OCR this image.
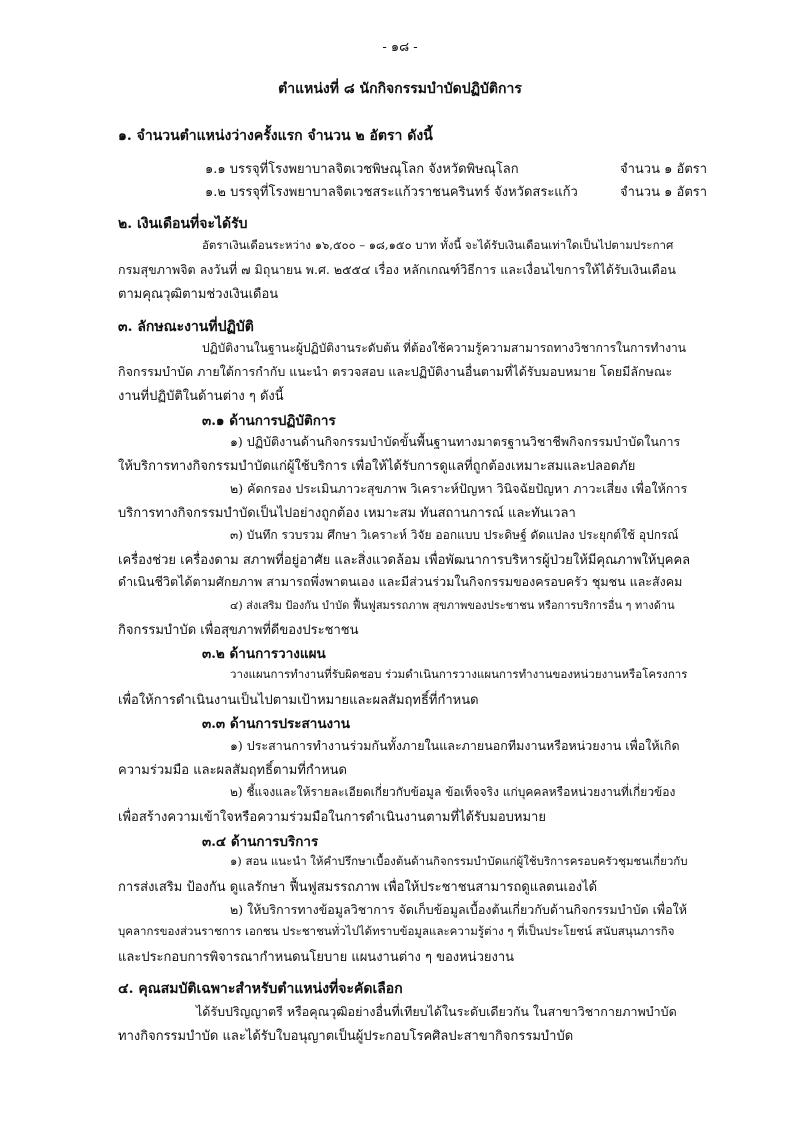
- ๑๘ -
ตำแหน่งที่ ๘ นักกิจกรรมบำบัดปฏิบัติการ
๑. จำนวนตำแหน่งว่างครั้งแรก จำนวน ๒ อัตรา ดังนี้
๑.๑ บรรจุที่โรงพยาบาลจิตเวชพิษณุโลก จังหวัดพิษณุโลก	จำนวน ๑ อัตรา
๑.๒ บรรจุที่โรงพยาบาลจิตเวชสระแก้วราชนครินทร์ จังหวัดสระแก้ว	จำนวน ๑ อัตรา
๒. เงินเดือนที่จะได้รับ
อัตราเงินเดือนระหว่าง ๑๖,๕๐๐ – ๑๘,๑๕๐ บาท ทั้งนี้ จะได้รับเงินเดือนเท่าใดเป็นไปตามประกาศ
กรมสุขภาพจิต ลงวันที่ ๗ มิถุนายน พ.ศ. ๒๕๕๔ เรื่อง หลักเกณฑ์วิธีการ และเงื่อนไขการให้ได้รับเงินเดือน
ตามคุณวุฒิตามช่วงเงินเดือน
๓. ลักษณะงานที่ปฏิบัติ
ปฏิบัติงานในฐานะผู้ปฏิบัติงานระดับต้น ที่ต้องใช้ความรู้ความสามารถทางวิชาการในการทำงาน
กิจกรรมบำบัด ภายใต้การกำกับ แนะนำ ตรวจสอบ และปฏิบัติงานอื่นตามที่ได้รับมอบหมาย โดยมีลักษณะ
งานที่ปฏิบัติในด้านต่าง ๆ ดังนี้
๓.๑ ด้านการปฏิบัติการ
๑) ปฏิบัติงานด้านกิจกรรมบำบัดขั้นพื้นฐานทางมาตรฐานวิชาชีพกิจกรรมบำบัดในการ
ให้บริการทางกิจกรรมบำบัดแก่ผู้ใช้บริการ เพื่อให้ได้รับการดูแลที่ถูกต้องเหมาะสมและปลอดภัย
๒) คัดกรอง ประเมินภาวะสุขภาพ วิเคราะห์ปัญหา วินิจฉัยปัญหา ภาวะเสี่ยง เพื่อให้การ
บริการทางกิจกรรมบำบัดเป็นไปอย่างถูกต้อง เหมาะสม ทันสถานการณ์ และทันเวลา
๓) บันทึก รวบรวม ศึกษา วิเคราะห์ วิจัย ออกแบบ ประดิษฐ์ ดัดแปลง ประยุกต์ใช้ อุปกรณ์
เครื่องช่วย เครื่องดาม สภาพที่อยู่อาศัย และสิ่งแวดล้อม เพื่อพัฒนาการบริหารผู้ป่วยให้มีคุณภาพให้บุคคล
ดำเนินชีวิตได้ตามศักยภาพ สามารถพึ่งพาตนเอง และมีส่วนร่วมในกิจกรรมของครอบครัว ชุมชน และสังคม
๔) ส่งเสริม ป้องกัน บำบัด ฟื้นฟูสมรรถภาพ สุขภาพของประชาชน หรือการบริการอื่น ๆ ทางด้าน
กิจกรรมบำบัด เพื่อสุขภาพที่ดีของประชาชน
๓.๒ ด้านการวางแผน
วางแผนการทำงานที่รับผิดชอบ ร่วมดำเนินการวางแผนการทำงานของหน่วยงานหรือโครงการ
เพื่อให้การดำเนินงานเป็นไปตามเป้าหมายและผลสัมฤทธิ์ที่กำหนด
๓.๓ ด้านการประสานงาน
๑) ประสานการทำงานร่วมกันทั้งภายในและภายนอกทีมงานหรือหน่วยงาน เพื่อให้เกิด
ความร่วมมือ และผลสัมฤทธิ์ตามที่กำหนด
๒) ชี้แจงและให้รายละเอียดเกี่ยวกับข้อมูล ข้อเท็จจริง แก่บุคคลหรือหน่วยงานที่เกี่ยวข้อง
เพื่อสร้างความเข้าใจหรือความร่วมมือในการดำเนินงานตามที่ได้รับมอบหมาย
๓.๔ ด้านการบริการ
๑) สอน แนะนำ ให้คำปรึกษาเบื้องต้นด้านกิจกรรมบำบัดแก่ผู้ใช้บริการครอบครัวชุมชนเกี่ยวกับ
การส่งเสริม ป้องกัน ดูแลรักษา ฟื้นฟูสมรรถภาพ เพื่อให้ประชาชนสามารถดูแลตนเองได้
๒) ให้บริการทางข้อมูลวิชาการ จัดเก็บข้อมูลเบื้องต้นเกี่ยวกับด้านกิจกรรมบำบัด เพื่อให้
บุคลากรของส่วนราชการ เอกชน ประชาชนทั่วไปได้ทราบข้อมูลและความรู้ต่าง ๆ ที่เป็นประโยชน์ สนับสนุนภารกิจ
และประกอบการพิจารณากำหนดนโยบาย แผนงานต่าง ๆ ของหน่วยงาน
๔. คุณสมบัติเฉพาะสำหรับตำแหน่งที่จะคัดเลือก
ได้รับปริญญาตรี หรือคุณวุฒิอย่างอื่นที่เทียบได้ในระดับเดียวกัน ในสาขาวิชากายภาพบำบัด
ทางกิจกรรมบำบัด และได้รับใบอนุญาตเป็นผู้ประกอบโรคศิลปะสาขากิจกรรมบำบัด
